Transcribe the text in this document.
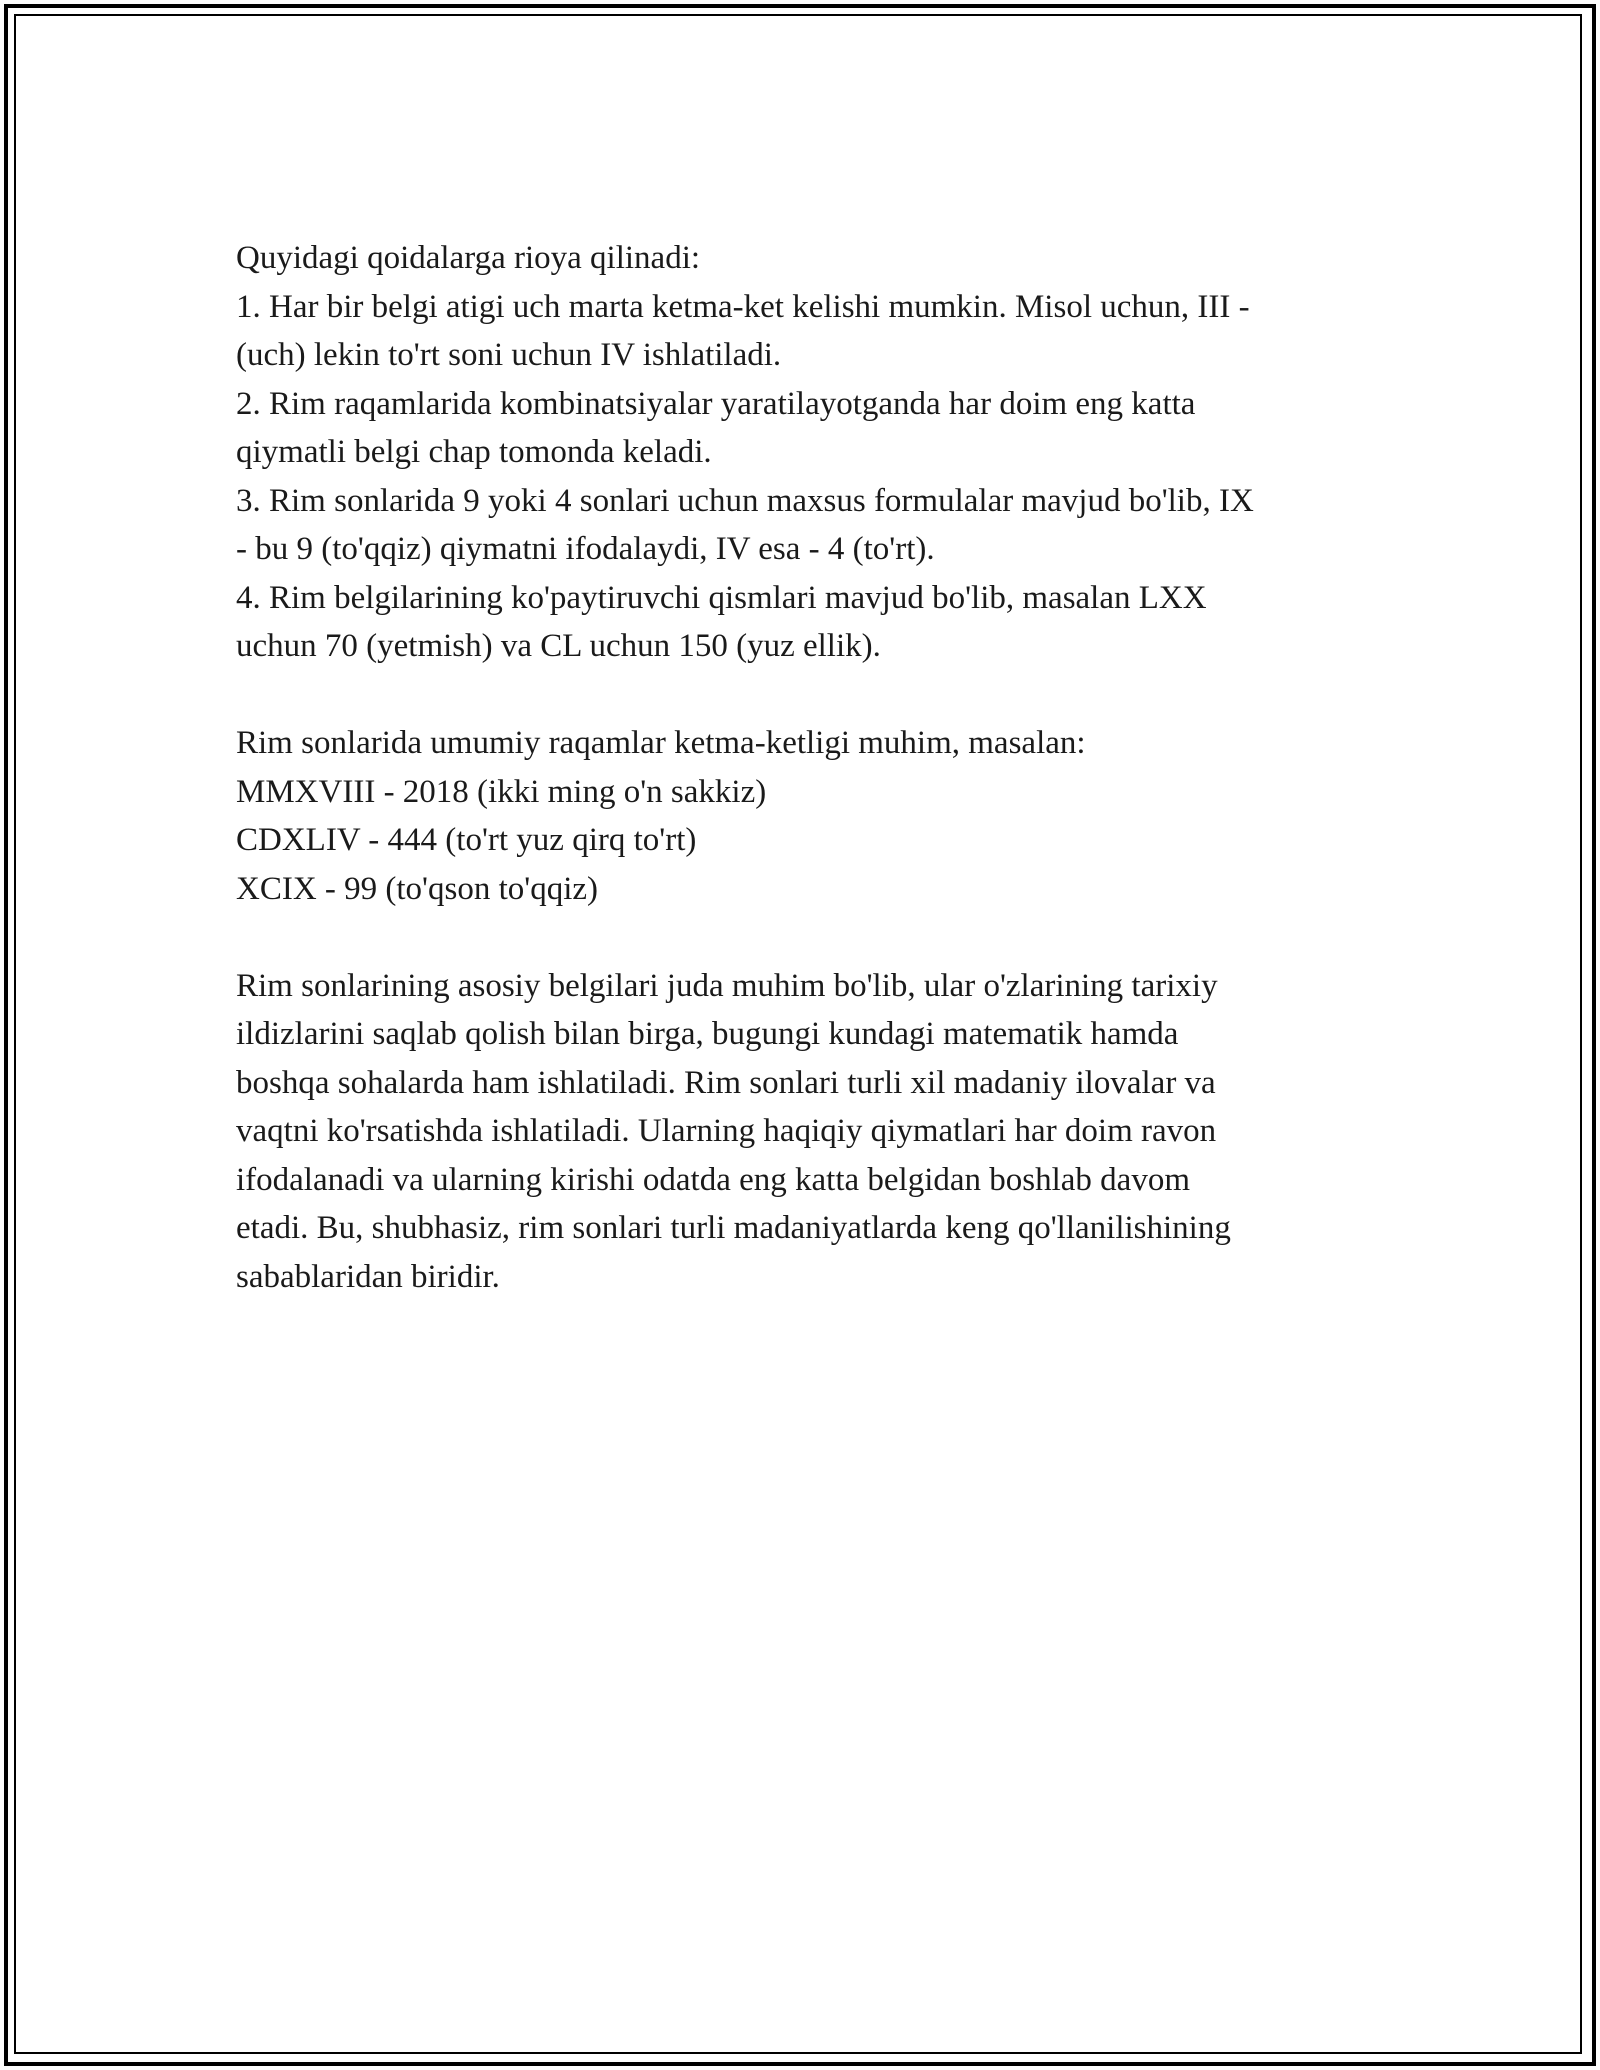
Quyidagi qoidalarga rioya qilinadi:
1. Har bir belgi atigi uch marta ketma-ket kelishi mumkin. Misol uchun, III -
(uch) lekin to'rt soni uchun IV ishlatiladi.
2. Rim raqamlarida kombinatsiyalar yaratilayotganda har doim eng katta
qiymatli belgi chap tomonda keladi.
3. Rim sonlarida 9 yoki 4 sonlari uchun maxsus formulalar mavjud bo'lib, IX
- bu 9 (to'qqiz) qiymatni ifodalaydi, IV esa - 4 (to'rt).
4. Rim belgilarining ko'paytiruvchi qismlari mavjud bo'lib, masalan LXX
uchun 70 (yetmish) va CL uchun 150 (yuz ellik).
Rim sonlarida umumiy raqamlar ketma-ketligi muhim, masalan:
MMXVIII - 2018 (ikki ming o'n sakkiz)
CDXLIV - 444 (to'rt yuz qirq to'rt)
XCIX - 99 (to'qson to'qqiz)
Rim sonlarining asosiy belgilari juda muhim bo'lib, ular o'zlarining tarixiy
ildizlarini saqlab qolish bilan birga, bugungi kundagi matematik hamda
boshqa sohalarda ham ishlatiladi. Rim sonlari turli xil madaniy ilovalar va
vaqtni ko'rsatishda ishlatiladi. Ularning haqiqiy qiymatlari har doim ravon
ifodalanadi va ularning kirishi odatda eng katta belgidan boshlab davom
etadi. Bu, shubhasiz, rim sonlari turli madaniyatlarda keng qo'llanilishining
sabablaridan biridir.
